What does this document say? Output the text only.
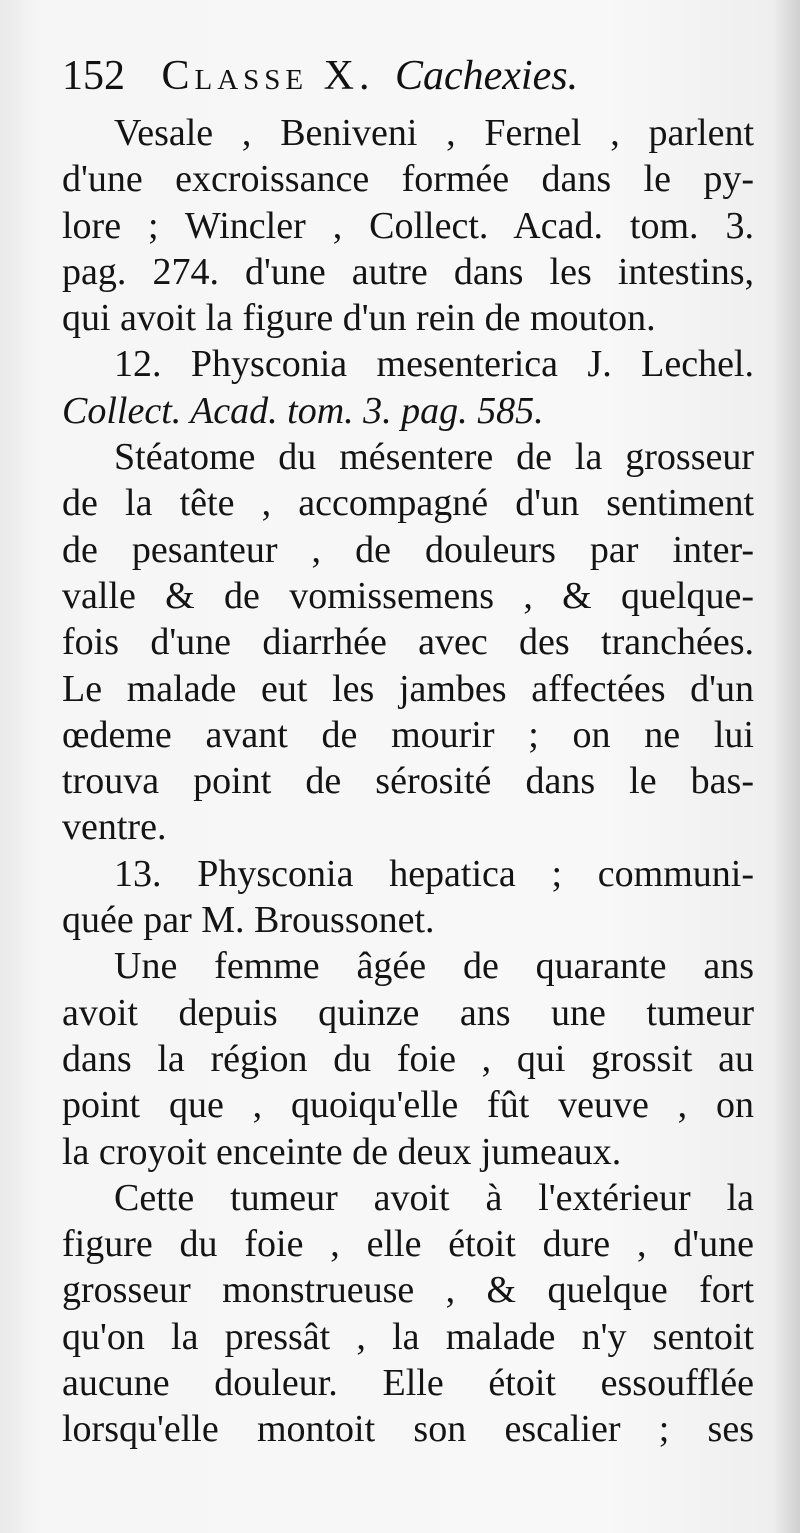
152 Classe X. Cachexies.
Vesale , Beniveni , Fernel , parlent
d'une excroissance formée dans le py-
lore ; Wincler , Collect. Acad. tom. 3.
pag. 274. d'une autre dans les intestins,
qui avoit la figure d'un rein de mouton.
12. Physconia mesenterica J. Lechel.
Collect. Acad. tom. 3. pag. 585.
Stéatome du mésentere de la grosseur
de la tête , accompagné d'un sentiment
de pesanteur , de douleurs par inter-
valle & de vomissemens , & quelque-
fois d'une diarrhée avec des tranchées.
Le malade eut les jambes affectées d'un
œdeme avant de mourir ; on ne lui
trouva point de sérosité dans le bas-
ventre.
13. Physconia hepatica ; communi-
quée par M. Broussonet.
Une femme âgée de quarante ans
avoit depuis quinze ans une tumeur
dans la région du foie , qui grossit au
point que , quoiqu'elle fût veuve , on
la croyoit enceinte de deux jumeaux.
Cette tumeur avoit à l'extérieur la
figure du foie , elle étoit dure , d'une
grosseur monstrueuse , & quelque fort
qu'on la pressât , la malade n'y sentoit
aucune douleur. Elle étoit essoufflée
lorsqu'elle montoit son escalier ; ses
